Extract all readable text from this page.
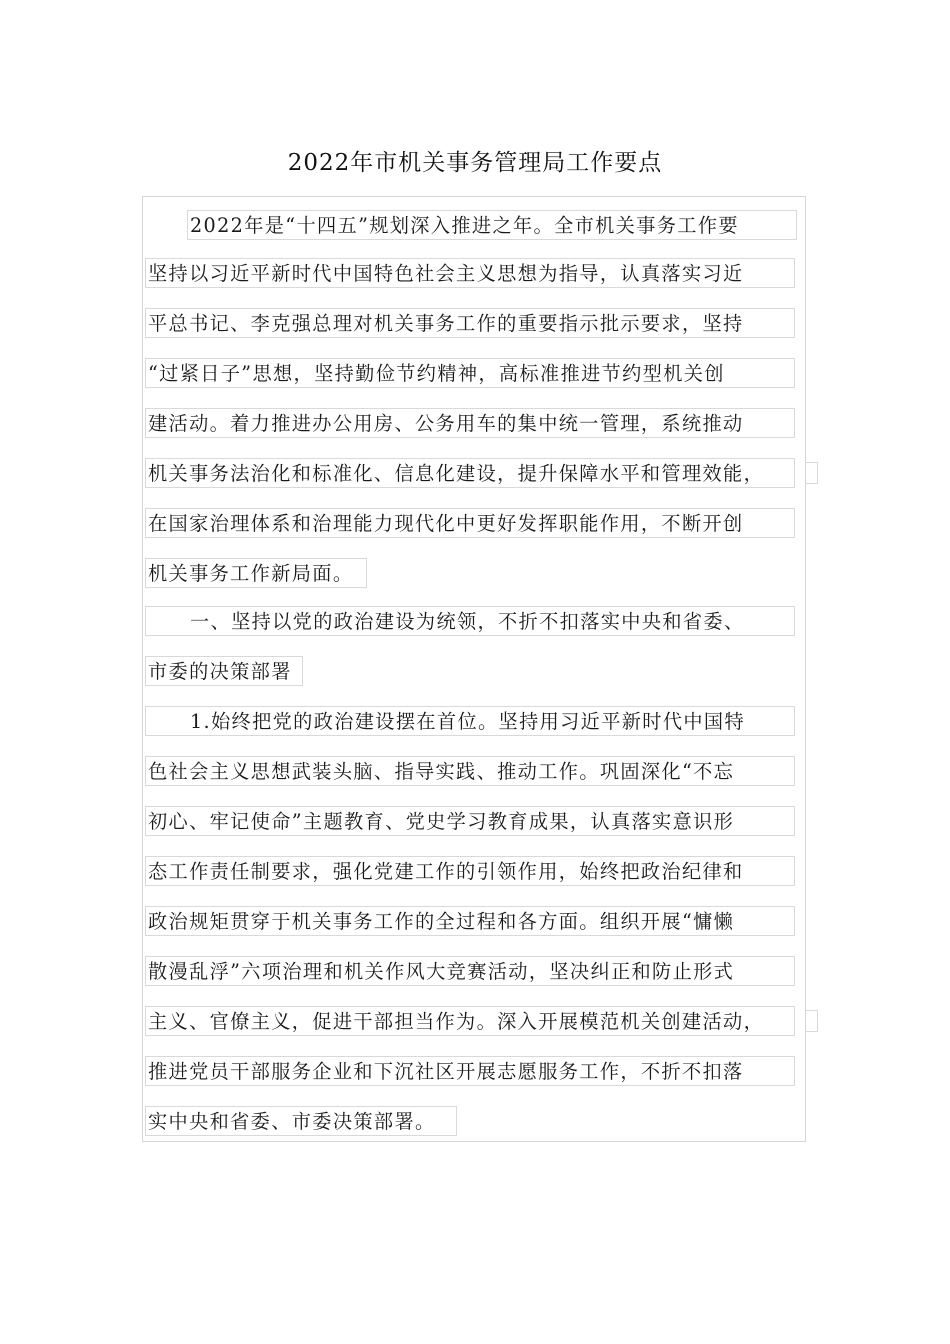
2022年市机关事务管理局工作要点
2022年是“十四五”规划深入推进之年。全市机关事务工作要
坚持以习近平新时代中国特色社会主义思想为指导，认真落实习近
平总书记、李克强总理对机关事务工作的重要指示批示要求，坚持
“过紧日子”思想，坚持勤俭节约精神，高标准推进节约型机关创
建活动。着力推进办公用房、公务用车的集中统一管理，系统推动
机关事务法治化和标准化、信息化建设，提升保障水平和管理效能，
在国家治理体系和治理能力现代化中更好发挥职能作用，不断开创
机关事务工作新局面。
一、坚持以党的政治建设为统领，不折不扣落实中央和省委、
市委的决策部署
1.始终把党的政治建设摆在首位。坚持用习近平新时代中国特
色社会主义思想武装头脑、指导实践、推动工作。巩固深化“不忘
初心、牢记使命”主题教育、党史学习教育成果，认真落实意识形
态工作责任制要求，强化党建工作的引领作用，始终把政治纪律和
政治规矩贯穿于机关事务工作的全过程和各方面。组织开展“慵懒
散漫乱浮”六项治理和机关作风大竞赛活动，坚决纠正和防止形式
主义、官僚主义，促进干部担当作为。深入开展模范机关创建活动，
推进党员干部服务企业和下沉社区开展志愿服务工作，不折不扣落
实中央和省委、市委决策部署。
